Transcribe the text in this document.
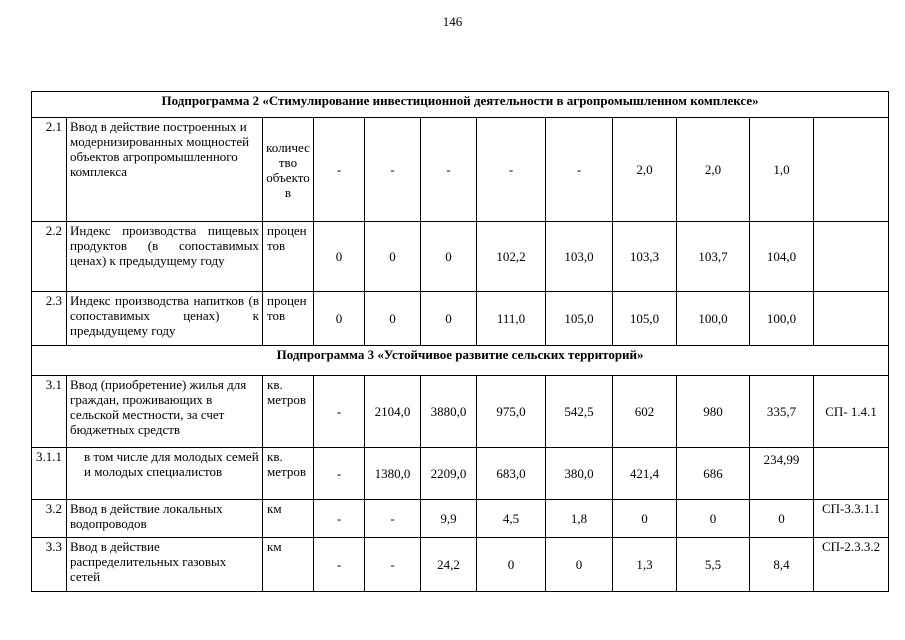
146
Подпрограмма 2 «Стимулирование инвестиционной деятельности в агропромышленном комплексе»											
2.1	Ввод в действие построенных и модернизированных мощностей объектов агропромышленного комплекса	количество объектов	-	-	-	-	-	2,0	2,0	1,0	
2.2	Индекс производства пищевых продуктов (в сопоставимых ценах) к предыдущему году	процентов	0	0	0	102,2	103,0	103,3	103,7	104,0	
2.3	Индекс производства напитков (в сопоставимых ценах) к предыдущему году	процентов	0	0	0	111,0	105,0	105,0	100,0	100,0	
Подпрограмма 3 «Устойчивое развитие сельских территорий»											
3.1	Ввод (приобретение) жилья для граждан, проживающих в сельской местности, за счет бюджетных средств	кв. метров	-	2104,0	3880,0	975,0	542,5	602	980	335,7	СП- 1.4.1
3.1.1	в том числе для молодых семей и молодых специалистов	кв. метров	-	1380,0	2209,0	683,0	380,0	421,4	686	234,99	
3.2	Ввод в действие локальных водопроводов	км	-	-	9,9	4,5	1,8	0	0	0	СП-3.3.1.1
3.3	Ввод в действие распределительных газовых сетей	км	-	-	24,2	0	0	1,3	5,5	8,4	СП-2.3.3.2
